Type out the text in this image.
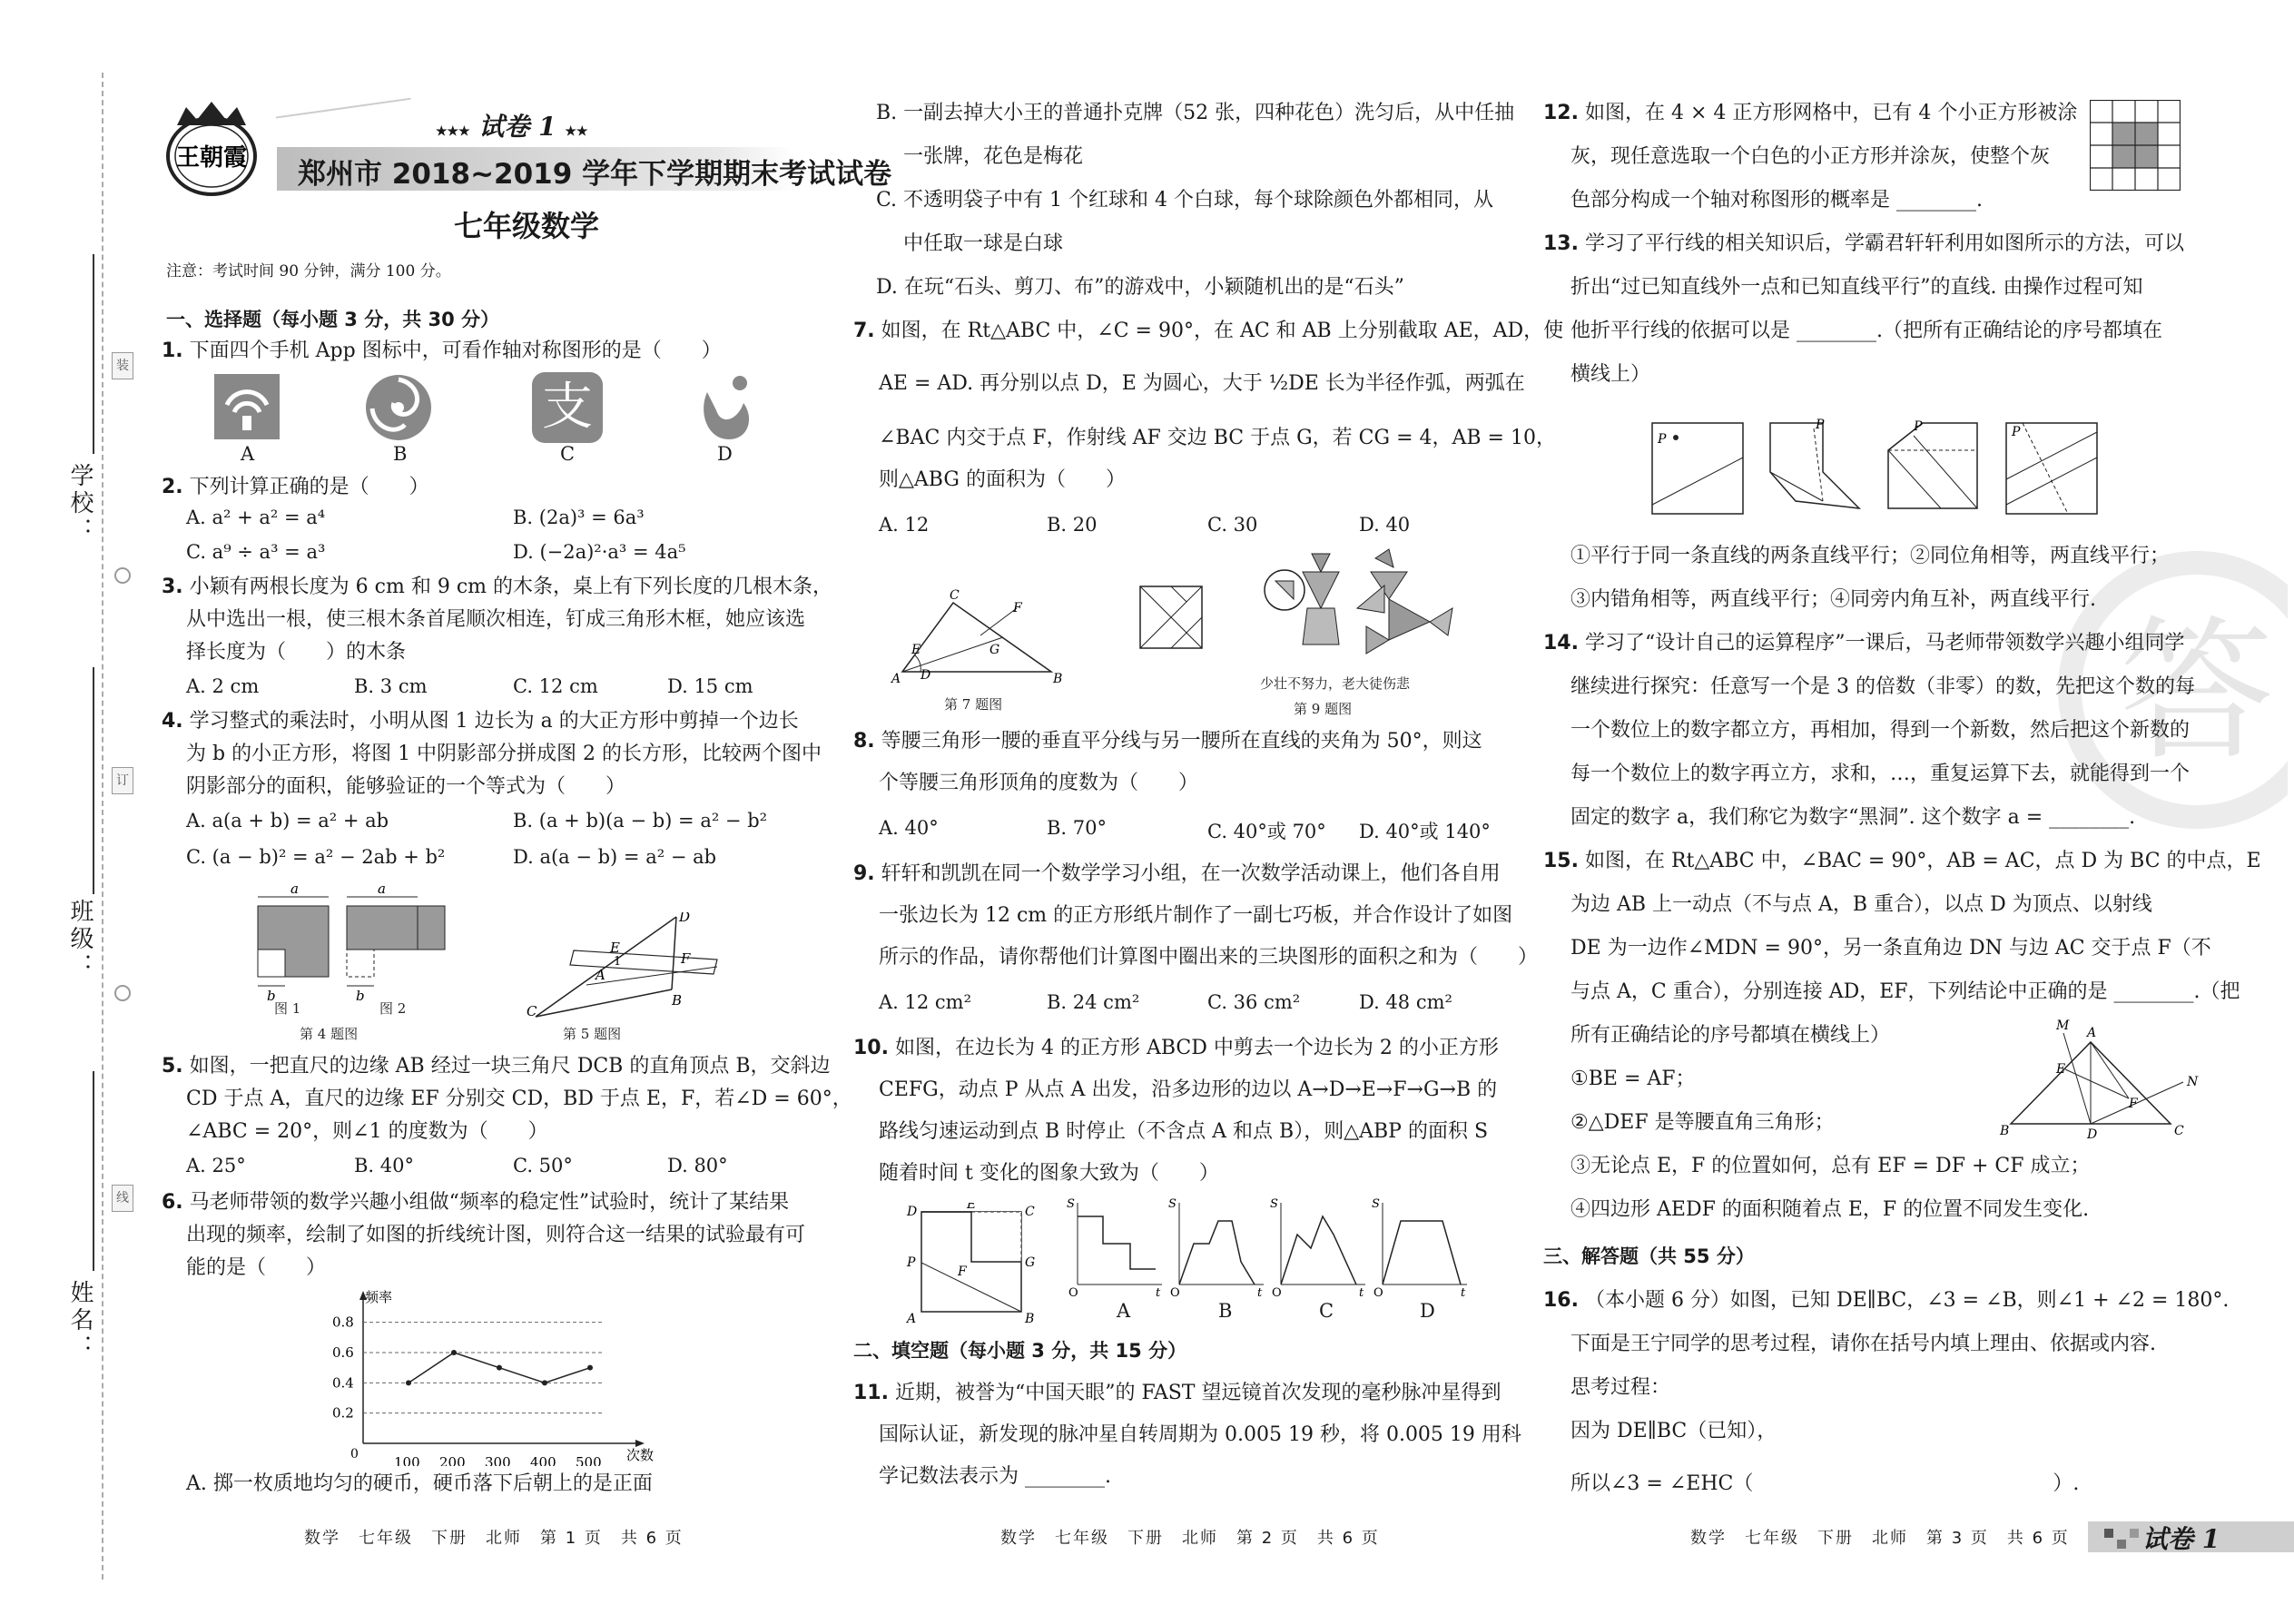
学校：
班级：
姓名：
装
订
线
王朝霞
★★★ 试卷 1 ★★
郑州市 2018~2019 学年下学期期末考试试卷
七年级数学
注意：考试时间 90 分钟，满分 100 分。
一、选择题（每小题 3 分，共 30 分）
1. 下面四个手机 App 图标中，可看作轴对称图形的是（　　）
支
A	B	C	D
2. 下列计算正确的是（　　）
A. a² + a² = a⁴	B. (2a)³ = 6a³
C. a⁹ ÷ a³ = a³	D. (−2a)²·a³ = 4a⁵
3. 小颖有两根长度为 6 cm 和 9 cm 的木条，桌上有下列长度的几根木条，
从中选出一根，使三根木条首尾顺次相连，钉成三角形木框，她应该选
择长度为（　　）的木条
A. 2 cm	B. 3 cm	C. 12 cm	D. 15 cm
4. 学习整式的乘法时，小明从图 1 边长为 a 的大正方形中剪掉一个边长
为 b 的小正方形，将图 1 中阴影部分拼成图 2 的长方形，比较两个图中
阴影部分的面积，能够验证的一个等式为（　　）
A. a(a + b) = a² + ab	B. (a + b)(a − b) = a² − b²
C. (a − b)² = a² − 2ab + b²	D. a(a − b) = a² − ab
a
b
a
b
图 1	图 2
第 4 题图
C
D
B
E
F
A
1
第 5 题图
5. 如图，一把直尺的边缘 AB 经过一块三角尺 DCB 的直角顶点 B，交斜边
CD 于点 A，直尺的边缘 EF 分别交 CD，BD 于点 E，F，若∠D = 60°，
∠ABC = 20°，则∠1 的度数为（　　）
A. 25°	B. 40°	C. 50°	D. 80°
6. 马老师带领的数学兴趣小组做“频率的稳定性”试验时，统计了某结果
出现的频率，绘制了如图的折线统计图，则符合这一结果的试验最有可
能的是（　　）
频率
次数
0.2
0.4
0.6
0.8
0	100 200 300 400 500
A. 掷一枚质地均匀的硬币，硬币落下后朝上的是正面
B. 一副去掉大小王的普通扑克牌（52 张，四种花色）洗匀后，从中任抽
一张牌，花色是梅花
C. 不透明袋子中有 1 个红球和 4 个白球，每个球除颜色外都相同，从
中任取一球是白球
D. 在玩“石头、剪刀、布”的游戏中，小颖随机出的是“石头”
7. 如图，在 Rt△ABC 中，∠C = 90°，在 AC 和 AB 上分别截取 AE，AD，使
AE = AD. 再分别以点 D，E 为圆心，大于 ½DE 长为半径作弧，两弧在
∠BAC 内交于点 F，作射线 AF 交边 BC 于点 G，若 CG = 4，AB = 10，
则△ABG 的面积为（　　）
A. 12	B. 20	C. 30	D. 40
A
C
B
E
D
G
F
第 7 题图
少壮不努力，老大徒伤悲
第 9 题图
8. 等腰三角形一腰的垂直平分线与另一腰所在直线的夹角为 50°，则这
个等腰三角形顶角的度数为（　　）
A. 40°	B. 70°	C. 40°或 70° D. 40°或 140°
9. 轩轩和凯凯在同一个数学学习小组，在一次数学活动课上，他们各自用
一张边长为 12 cm 的正方形纸片制作了一副七巧板，并合作设计了如图
所示的作品，请你帮他们计算图中圈出来的三块图形的面积之和为（　　）
A. 12 cm²	B. 24 cm²	C. 36 cm²	D. 48 cm²
10. 如图，在边长为 4 的正方形 ABCD 中剪去一个边长为 2 的小正方形
CEFG，动点 P 从点 A 出发，沿多边形的边以 A→D→E→F→G→B 的
路线匀速运动到点 B 时停止（不含点 A 和点 B），则△ABP 的面积 S
随着时间 t 变化的图象大致为（　　）
D	E	C
F
G
P
A	B
S
O	t
S
O	t
S
O	t
S
O	t
A	B	C	D
二、填空题（每小题 3 分，共 15 分）
11. 近期，被誉为“中国天眼”的 FAST 望远镜首次发现的毫秒脉冲星得到
国际认证，新发现的脉冲星自转周期为 0.005 19 秒，将 0.005 19 用科
学记数法表示为 ________.
答
12. 如图，在 4 × 4 正方形网格中，已有 4 个小正方形被涂
灰，现任意选取一个白色的小正方形并涂灰，使整个灰
色部分构成一个轴对称图形的概率是 ________.
13. 学习了平行线的相关知识后，学霸君轩轩利用如图所示的方法，可以
折出“过已知直线外一点和已知直线平行”的直线. 由操作过程可知
他折平行线的依据可以是 ________.（把所有正确结论的序号都填在
横线上）
P
P	P	P
①平行于同一条直线的两条直线平行；②同位角相等，两直线平行；
③内错角相等，两直线平行；④同旁内角互补，两直线平行.
14. 学习了“设计自己的运算程序”一课后，马老师带领数学兴趣小组同学
继续进行探究：任意写一个是 3 的倍数（非零）的数，先把这个数的每
一个数位上的数字都立方，再相加，得到一个新数，然后把这个新数的
每一个数位上的数字再立方，求和，…，重复运算下去，就能得到一个
固定的数字 a，我们称它为数字“黑洞”. 这个数字 a = ________.
15. 如图，在 Rt△ABC 中，∠BAC = 90°，AB = AC，点 D 为 BC 的中点，E
为边 AB 上一动点（不与点 A，B 重合），以点 D 为顶点、以射线
DE 为一边作∠MDN = 90°，另一条直角边 DN 与边 AC 交于点 F（不
与点 A，C 重合），分别连接 AD，EF，下列结论中正确的是 ________.（把
所有正确结论的序号都填在横线上）
①BE = AF；
②△DEF 是等腰直角三角形；
③无论点 E，F 的位置如何，总有 EF = DF + CF 成立；
④四边形 AEDF 的面积随着点 E，F 的位置不同发生变化.
B	C
A
D
M
N
E
F
三、解答题（共 55 分）
16. （本小题 6 分）如图，已知 DE∥BC，∠3 = ∠B，则∠1 + ∠2 = 180°.
下面是王宁同学的思考过程，请你在括号内填上理由、依据或内容.
思考过程：
因为 DE∥BC（已知），
所以∠3 = ∠EHC（　　　　　　　　　　　　　　　）.
数学　七年级　下册　北师　第 1 页　共 6 页	数学　七年级　下册　北师　第 2 页　共 6 页	数学　七年级　下册　北师　第 3 页　共 6 页	试卷 1
